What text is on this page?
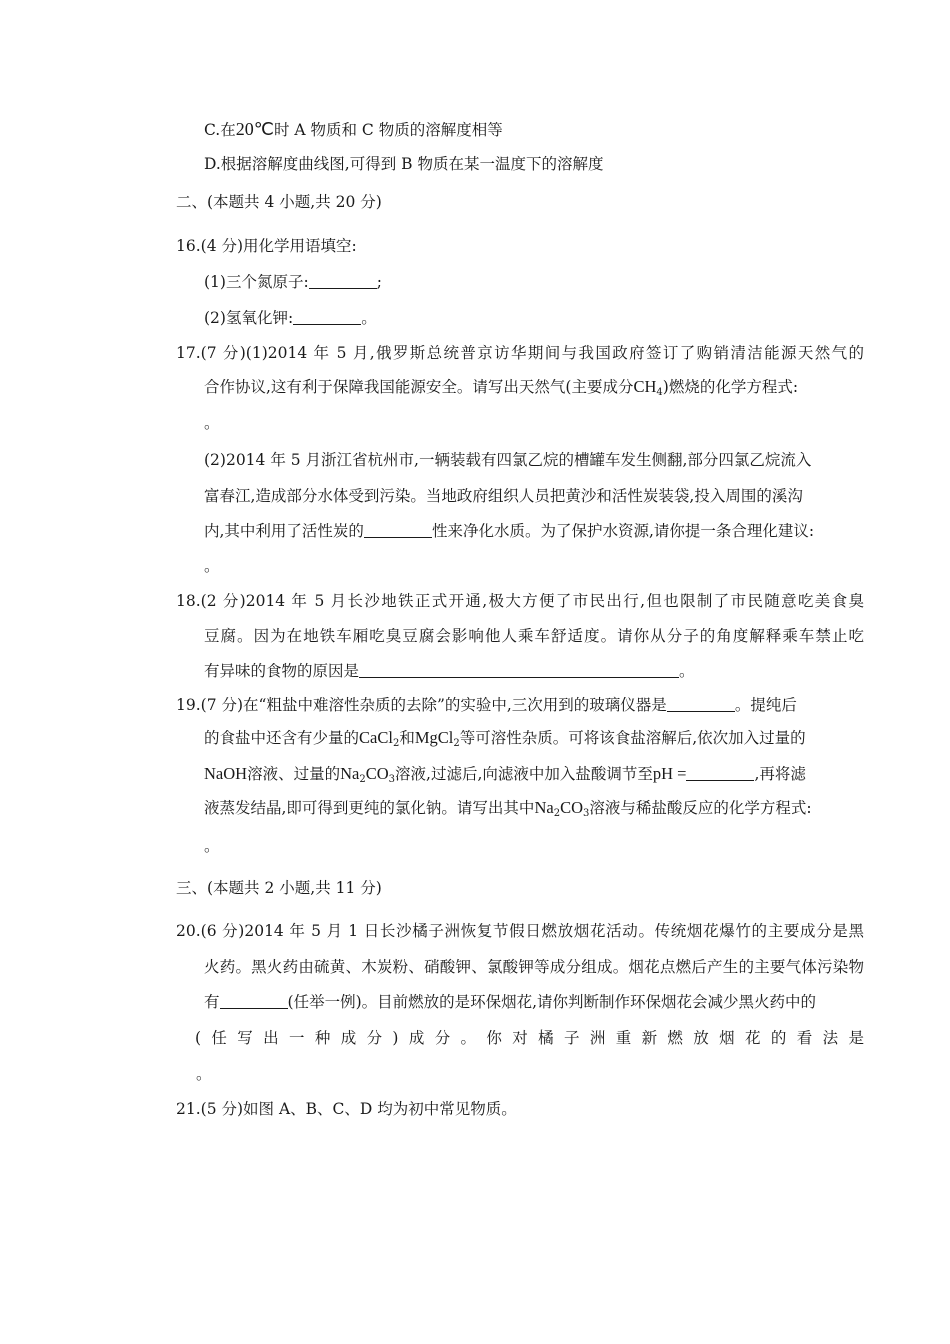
C.在20℃时 A 物质和 C 物质的溶解度相等
D.根据溶解度曲线图,可得到 B 物质在某一温度下的溶解度
二、(本题共 4 小题,共 20 分)
16.(4 分)用化学用语填空:
(1)三个氮原子:	;
(2)氢氧化钾:	。
17.(7 分)(1)2014 年 5 月,俄罗斯总统普京访华期间与我国政府签订了购销清洁能源天然气的
合作协议,这有利于保障我国能源安全。请写出天然气(主要成分$CH_4$)燃烧的化学方程式:
。
(2)2014 年 5 月浙江省杭州市,一辆装载有四氯乙烷的槽罐车发生侧翻,部分四氯乙烷流入
富春江,造成部分水体受到污染。当地政府组织人员把黄沙和活性炭装袋,投入周围的溪沟
内,其中利用了活性炭的	性来净化水质。为了保护水资源,请你提一条合理化建议:
。
18.(2 分)2014 年 5 月长沙地铁正式开通,极大方便了市民出行,但也限制了市民随意吃美食臭
豆腐。因为在地铁车厢吃臭豆腐会影响他人乘车舒适度。请你从分子的角度解释乘车禁止吃
有异味的食物的原因是	。
19.(7 分)在“粗盐中难溶性杂质的去除”的实验中,三次用到的玻璃仪器是	。提纯后
的食盐中还含有少量的CaCl$_2$和MgCl$_2$等可溶性杂质。可将该食盐溶解后,依次加入过量的
NaOH溶液、过量的$Na_2CO_3$溶液,过滤后,向滤液中加入盐酸调节至pH =	,再将滤
液蒸发结晶,即可得到更纯的氯化钠。请写出其中$Na_2CO_3$溶液与稀盐酸反应的化学方程式:
。
三、(本题共 2 小题,共 11 分)
20.(6 分)2014 年 5 月 1 日长沙橘子洲恢复节假日燃放烟花活动。传统烟花爆竹的主要成分是黑
火药。黑火药由硫黄、木炭粉、硝酸钾、氯酸钾等成分组成。烟花点燃后产生的主要气体污染物
有	(任举一例)。目前燃放的是环保烟花,请你判断制作环保烟花会减少黑火药中的
( 任 写 出 一 种 成 分 ) 成 分 。 你 对 橘 子 洲 重 新 燃 放 烟 花 的 看 法 是
。
21.(5 分)如图 A、B、C、D 均为初中常见物质。
